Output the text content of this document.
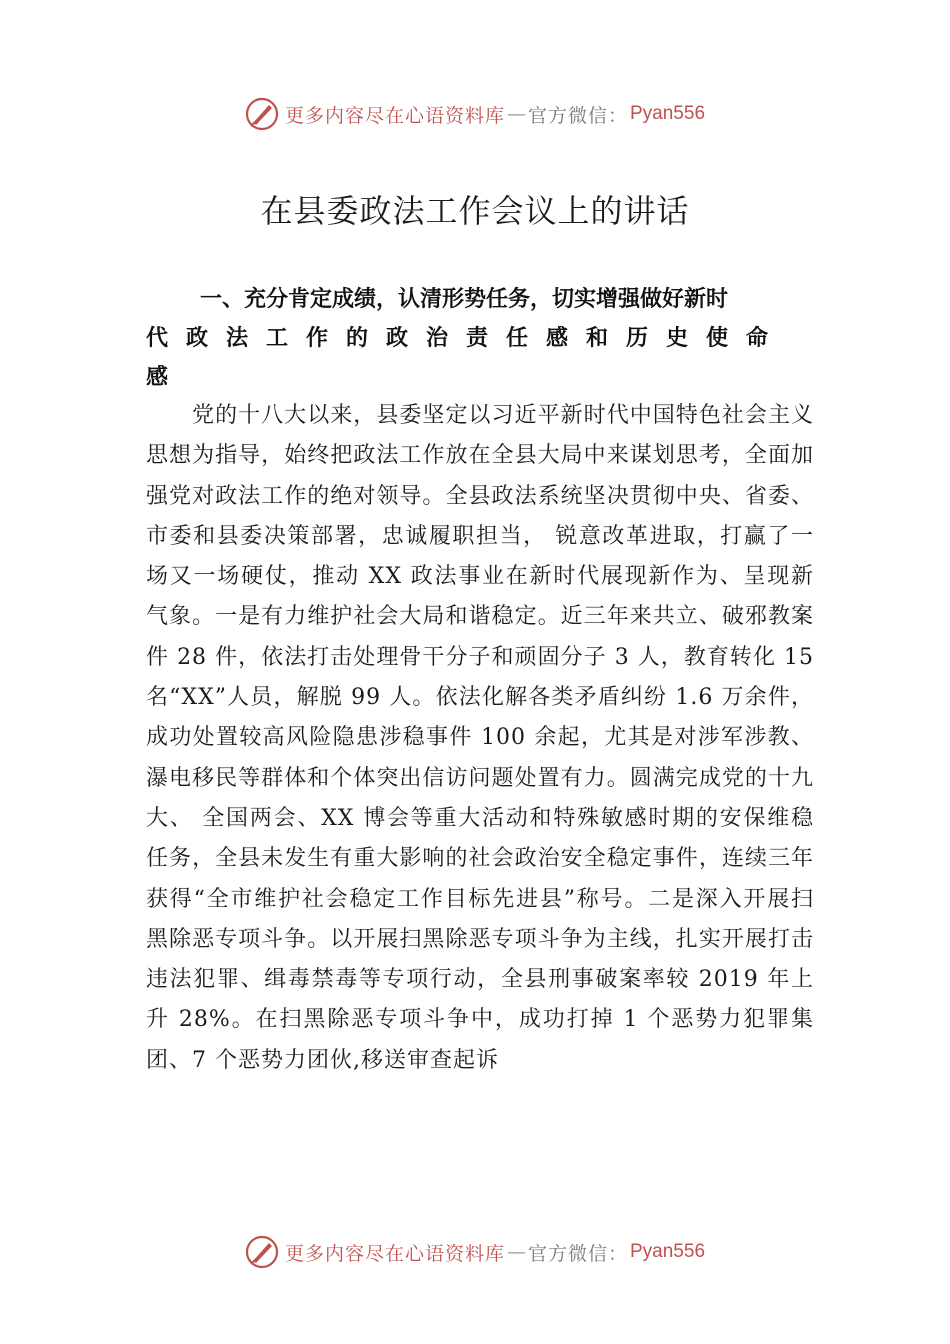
更多内容尽在心语资料库 — 官方微信： Pyan556
在县委政法工作会议上的讲话
一、充分肯定成绩，认清形势任务，切实增强做好新时
代政法工作的政治责任感和历史使命
感
党的十八大以来，县委坚定以习近平新时代中国特色社会主义思想为指导，始终把政法工作放在全县大局中来谋划思考，全面加强党对政法工作的绝对领导。全县政法系统坚决贯彻中央、省委、市委和县委决策部署，忠诚履职担当， 锐意改革进取，打赢了一场又一场硬仗，推动 XX 政法事业在新时代展现新作为、呈现新气象。一是有力维护社会大局和谐稳定。近三年来共立、破邪教案件 28 件，依法打击处理骨干分子和顽固分子 3 人，教育转化 15 名“XX”人员，解脱 99 人。依法化解各类矛盾纠纷 1.6 万余件，成功处置较高风险隐患涉稳事件 100 余起，尤其是对涉军涉教、瀑电移民等群体和个体突出信访问题处置有力。圆满完成党的十九大、 全国两会、XX 博会等重大活动和特殊敏感时期的安保维稳任务，全县未发生有重大影响的社会政治安全稳定事件，连续三年获得“全市维护社会稳定工作目标先进县”称号。二是深入开展扫黑除恶专项斗争。以开展扫黑除恶专项斗争为主线，扎实开展打击违法犯罪、缉毒禁毒等专项行动，全县刑事破案率较 2019 年上升 28%。在扫黑除恶专项斗争中，成功打掉 1 个恶势力犯罪集团、7 个恶势力团伙,移送审查起诉
更多内容尽在心语资料库 — 官方微信： Pyan556
